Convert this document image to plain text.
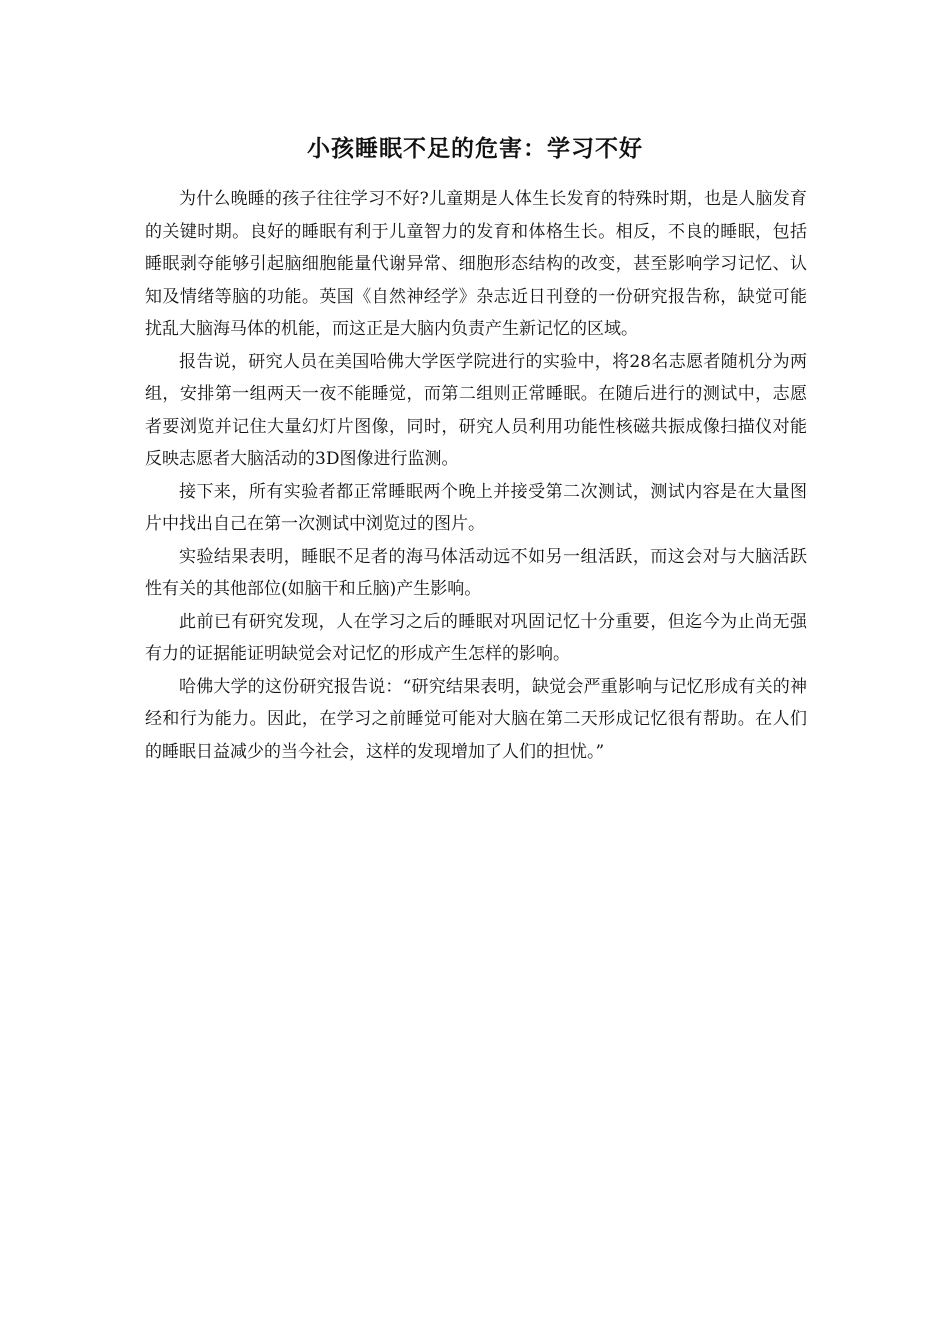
小孩睡眠不足的危害：学习不好

为什么晚睡的孩子往往学习不好?儿童期是人体生长发育的特殊时期，也是人脑发育的关键时期。良好的睡眠有利于儿童智力的发育和体格生长。相反，不良的睡眠，包括睡眠剥夺能够引起脑细胞能量代谢异常、细胞形态结构的改变，甚至影响学习记忆、认知及情绪等脑的功能。英国《自然神经学》杂志近日刊登的一份研究报告称，缺觉可能扰乱大脑海马体的机能，而这正是大脑内负责产生新记忆的区域。

报告说，研究人员在美国哈佛大学医学院进行的实验中，将28名志愿者随机分为两组，安排第一组两天一夜不能睡觉，而第二组则正常睡眠。在随后进行的测试中，志愿者要浏览并记住大量幻灯片图像，同时，研究人员利用功能性核磁共振成像扫描仪对能反映志愿者大脑活动的3D图像进行监测。

接下来，所有实验者都正常睡眠两个晚上并接受第二次测试，测试内容是在大量图片中找出自己在第一次测试中浏览过的图片。

实验结果表明，睡眠不足者的海马体活动远不如另一组活跃，而这会对与大脑活跃性有关的其他部位(如脑干和丘脑)产生影响。

此前已有研究发现，人在学习之后的睡眠对巩固记忆十分重要，但迄今为止尚无强有力的证据能证明缺觉会对记忆的形成产生怎样的影响。

哈佛大学的这份研究报告说：“研究结果表明，缺觉会严重影响与记忆形成有关的神经和行为能力。因此，在学习之前睡觉可能对大脑在第二天形成记忆很有帮助。在人们的睡眠日益减少的当今社会，这样的发现增加了人们的担忧。”
